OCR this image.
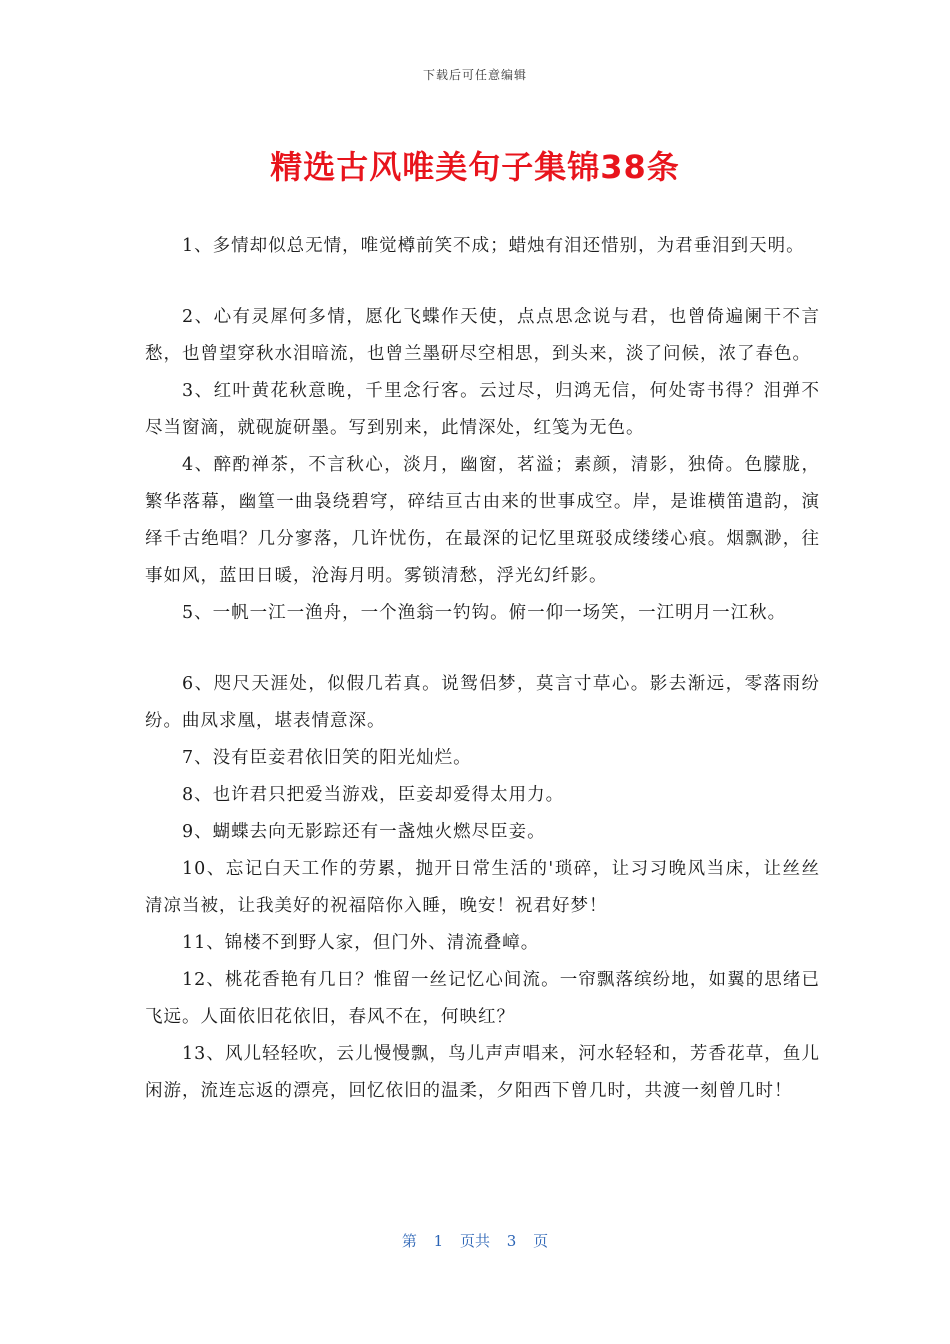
下载后可任意编辑
精选古风唯美句子集锦38条

1、多情却似总无情，唯觉樽前笑不成；蜡烛有泪还惜别，为君垂泪到天明。

2、心有灵犀何多情，愿化飞蝶作天使，点点思念说与君，也曾倚遍阑干不言愁，也曾望穿秋水泪暗流，也曾兰墨研尽空相思，到头来，淡了问候，浓了春色。

3、红叶黄花秋意晚，千里念行客。云过尽，归鸿无信，何处寄书得？泪弹不尽当窗滴，就砚旋研墨。写到别来，此情深处，红笺为无色。

4、醉酌禅茶，不言秋心，淡月，幽窗，茗溢；素颜，清影，独倚。色朦胧，繁华落幕，幽篁一曲袅绕碧穹，碎结亘古由来的世事成空。岸，是谁横笛遣韵，演绎千古绝唱？几分寥落，几许忧伤，在最深的记忆里斑驳成缕缕心痕。烟飘渺，往事如风，蓝田日暖，沧海月明。雾锁清愁，浮光幻纤影。

5、一帆一江一渔舟，一个渔翁一钓钩。俯一仰一场笑，一江明月一江秋。

6、咫尺天涯处，似假几若真。说鸳侣梦，莫言寸草心。影去渐远，零落雨纷纷。曲凤求凰，堪表情意深。

7、没有臣妾君依旧笑的阳光灿烂。

8、也许君只把爱当游戏，臣妾却爱得太用力。

9、蝴蝶去向无影踪还有一盏烛火燃尽臣妾。

10、忘记白天工作的劳累，抛开日常生活的'琐碎，让习习晚风当床，让丝丝清凉当被，让我美好的祝福陪你入睡，晚安！祝君好梦！

11、锦楼不到野人家，但门外、清流叠嶂。

12、桃花香艳有几日？惟留一丝记忆心间流。一帘飘落缤纷地，如翼的思绪已飞远。人面依旧花依旧，春风不在，何映红？

13、风儿轻轻吹，云儿慢慢飘，鸟儿声声唱来，河水轻轻和，芳香花草，鱼儿闲游，流连忘返的漂亮，回忆依旧的温柔，夕阳西下曾几时，共渡一刻曾几时！

第 1 页共 3 页
